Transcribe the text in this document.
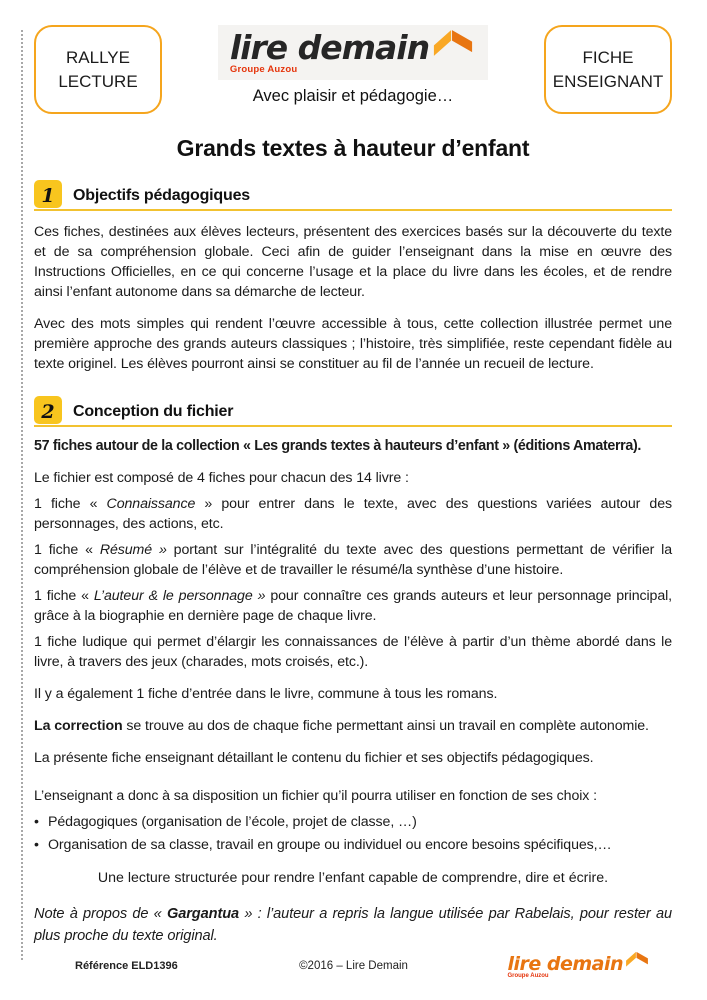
RALLYE
LECTURE
lire demain
Groupe Auzou
Avec plaisir et pédagogie…
FICHE
ENSEIGNANT
Grands textes à hauteur d’enfant
1	Objectifs pédagogiques

Ces fiches, destinées aux élèves lecteurs, présentent des exercices basés sur la découverte du texte et de sa compréhension globale. Ceci afin de guider l’enseignant dans la mise en œuvre des Instructions Officielles, en ce qui concerne l’usage et la place du livre dans les écoles, et de rendre ainsi l’enfant autonome dans sa démarche de lecteur.

Avec des mots simples qui rendent l’œuvre accessible à tous, cette collection illustrée permet une première approche des grands auteurs classiques ; l’histoire, très simplifiée, reste cependant fidèle au texte originel. Les élèves pourront ainsi se constituer au fil de l’année un recueil de lecture.

2	Conception du fichier
57 fiches autour de la collection « Les grands textes à hauteurs d’enfant » (éditions Amaterra).

Le fichier est composé de 4 fiches pour chacun des 14 livre :

1 fiche « Connaissance » pour entrer dans le texte, avec des questions variées autour des personnages, des actions, etc.

1 fiche « Résumé » portant sur l’intégralité du texte avec des questions permettant de vérifier la compréhension globale de l’élève et de travailler le résumé/la synthèse d’une histoire.

1 fiche « L’auteur & le personnage » pour connaître ces grands auteurs et leur personnage principal, grâce à la biographie en dernière page de chaque livre.

1 fiche ludique qui permet d’élargir les connaissances de l’élève à partir d’un thème abordé dans le livre, à travers des jeux (charades, mots croisés, etc.).

Il y a également 1 fiche d’entrée dans le livre, commune à tous les romans.

La correction se trouve au dos de chaque fiche permettant ainsi un travail en complète autonomie.

La présente fiche enseignant détaillant le contenu du fichier et ses objectifs pédagogiques.

L’enseignant a donc à sa disposition un fichier qu’il pourra utiliser en fonction de ses choix :

• Pédagogiques (organisation de l’école, projet de classe, …)
• Organisation de sa classe, travail en groupe ou individuel ou encore besoins spécifiques,…
Une lecture structurée pour rendre l’enfant capable de comprendre, dire et écrire.

Note à propos de « Gargantua » : l’auteur a repris la langue utilisée par Rabelais, pour rester au plus proche du texte original.

Référence ELD1396	©2016 – Lire Demain	lire demain
Groupe Auzou
